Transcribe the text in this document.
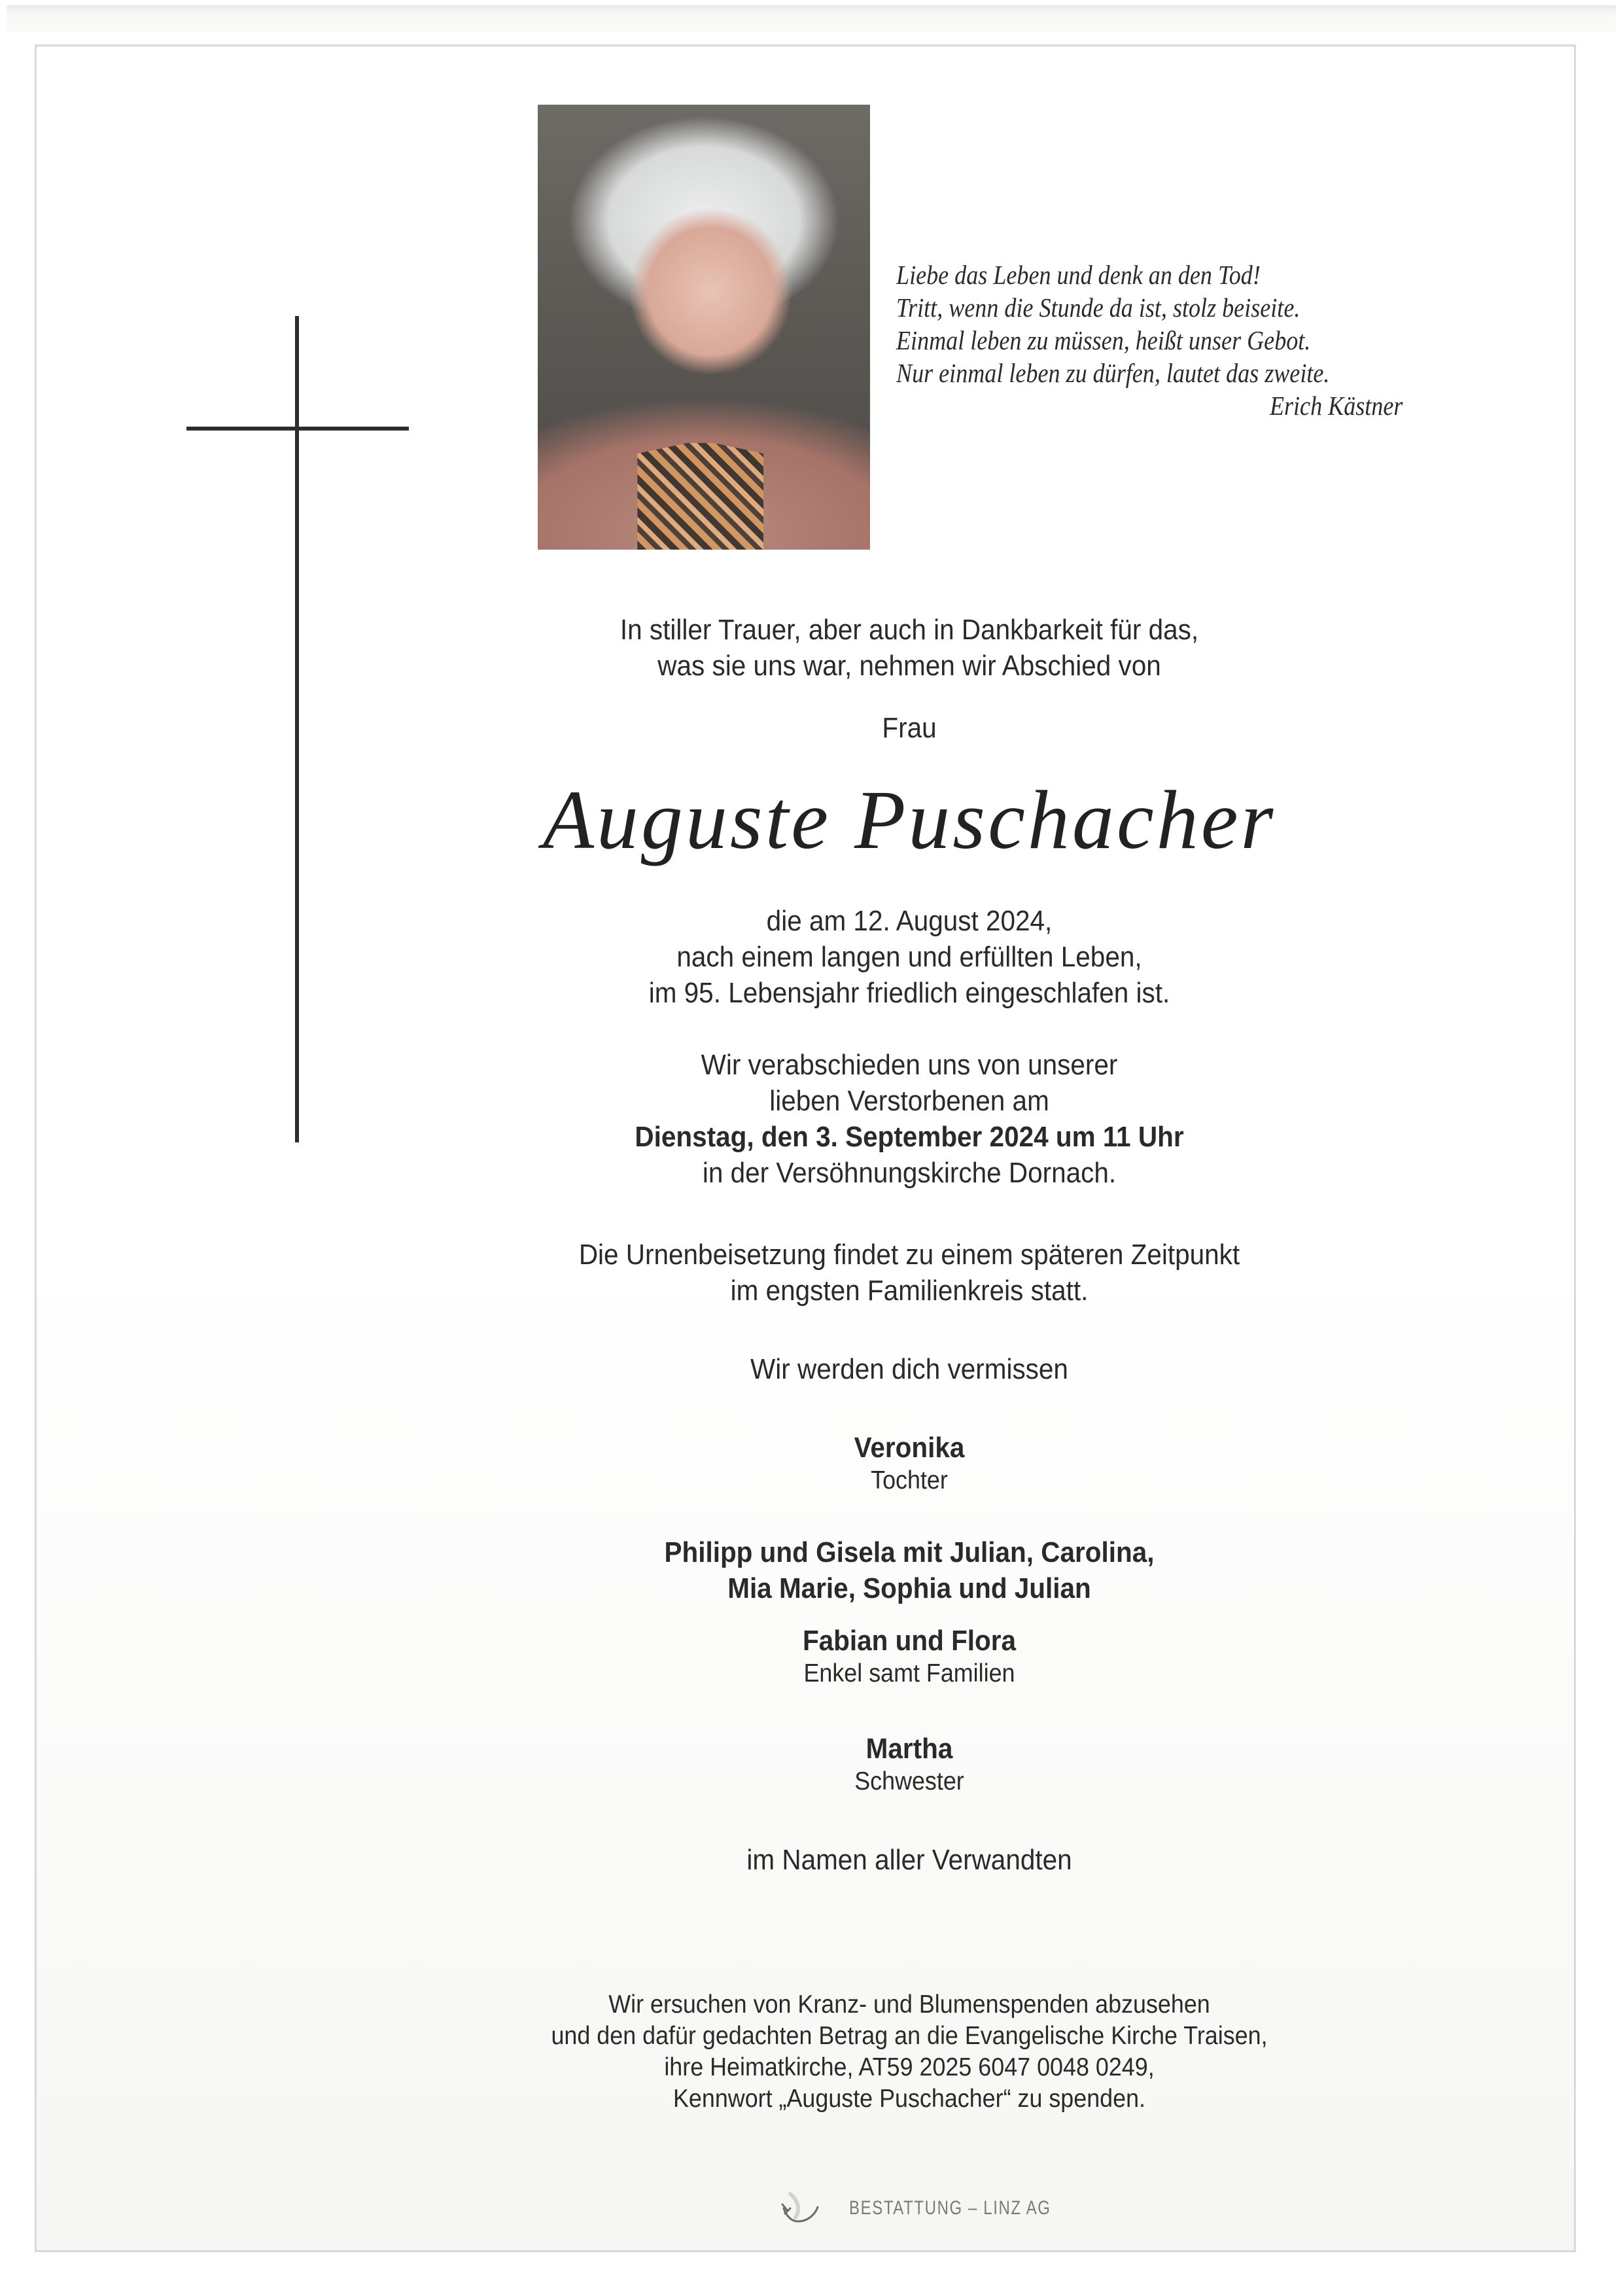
Liebe das Leben und denk an den Tod!
Tritt, wenn die Stunde da ist, stolz beiseite.
Einmal leben zu müssen, heißt unser Gebot.
Nur einmal leben zu dürfen, lautet das zweite.
Erich Kästner
In stiller Trauer, aber auch in Dankbarkeit für das,
was sie uns war, nehmen wir Abschied von
Frau
Auguste Puschacher
die am 12. August 2024,
nach einem langen und erfüllten Leben,
im 95. Lebensjahr friedlich eingeschlafen ist.
Wir verabschieden uns von unserer
lieben Verstorbenen am
Dienstag, den 3. September 2024 um 11 Uhr
in der Versöhnungskirche Dornach.
Die Urnenbeisetzung findet zu einem späteren Zeitpunkt
im engsten Familienkreis statt.
Wir werden dich vermissen
Veronika
Tochter
Philipp und Gisela mit Julian, Carolina,
Mia Marie, Sophia und Julian
Fabian und Flora
Enkel samt Familien
Martha
Schwester
im Namen aller Verwandten
Wir ersuchen von Kranz- und Blumenspenden abzusehen
und den dafür gedachten Betrag an die Evangelische Kirche Traisen,
ihre Heimatkirche, AT59 2025 6047 0048 0249,
Kennwort „Auguste Puschacher“ zu spenden.
BESTATTUNG – LINZ AG
